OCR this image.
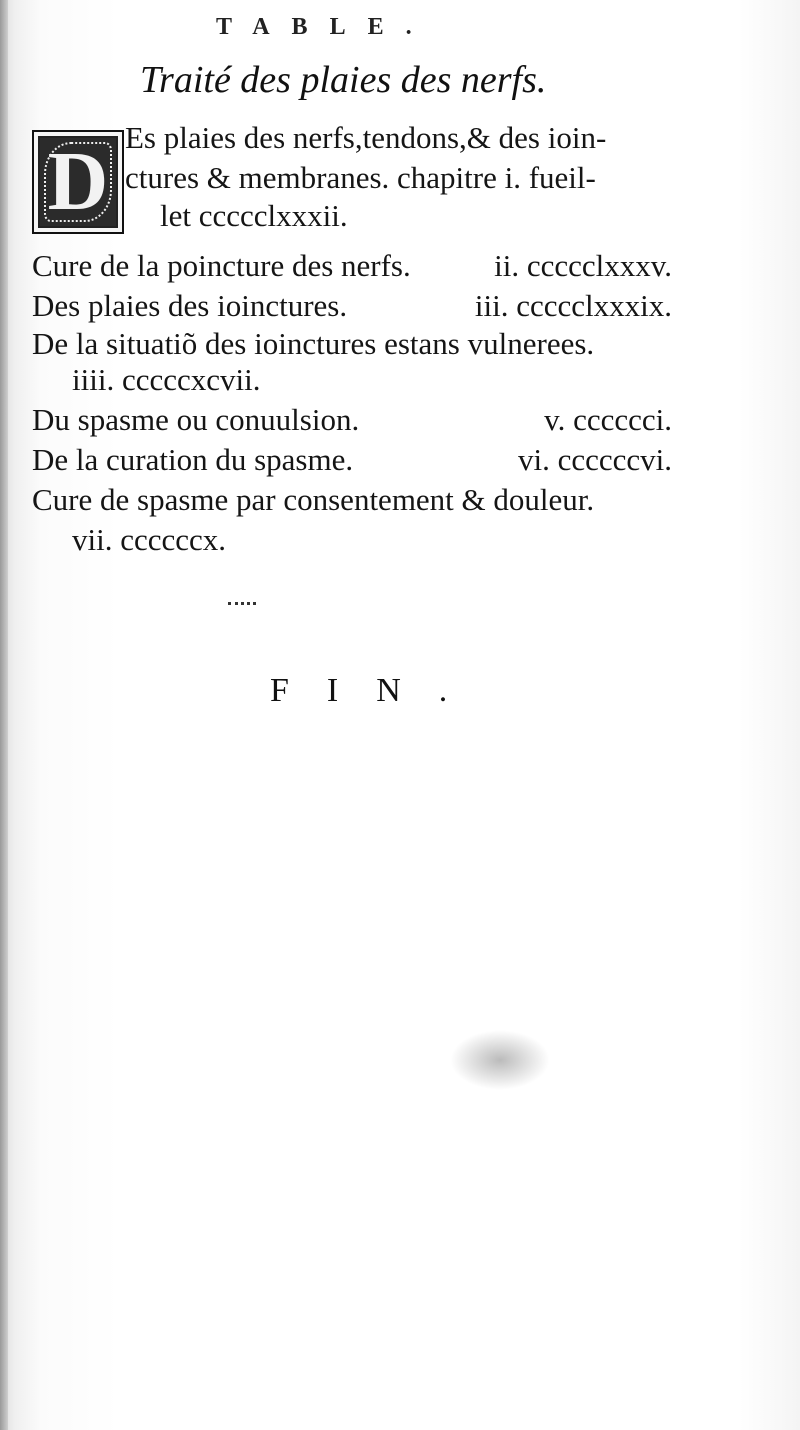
TABLE.
Traité des plaies des nerfs.
D Es plaies des nerfs,tendons,& des ioin-
ctures & membranes. chapitre i. fueil-
let ccccclxxxii.
Cure de la poincture des nerfs.	ii. ccccclxxxv.
Des plaies des ioinctures.	iii. ccccclxxxix.
De la situatiõ des ioinctures estans vulnerees.
iiii. cccccxcvii.
Du spasme ou conuulsion.	v. cccccci.
De la curation du spasme.	vi. ccccccvi.
Cure de spasme par consentement & douleur.
vii. ccccccx.
FIN.
